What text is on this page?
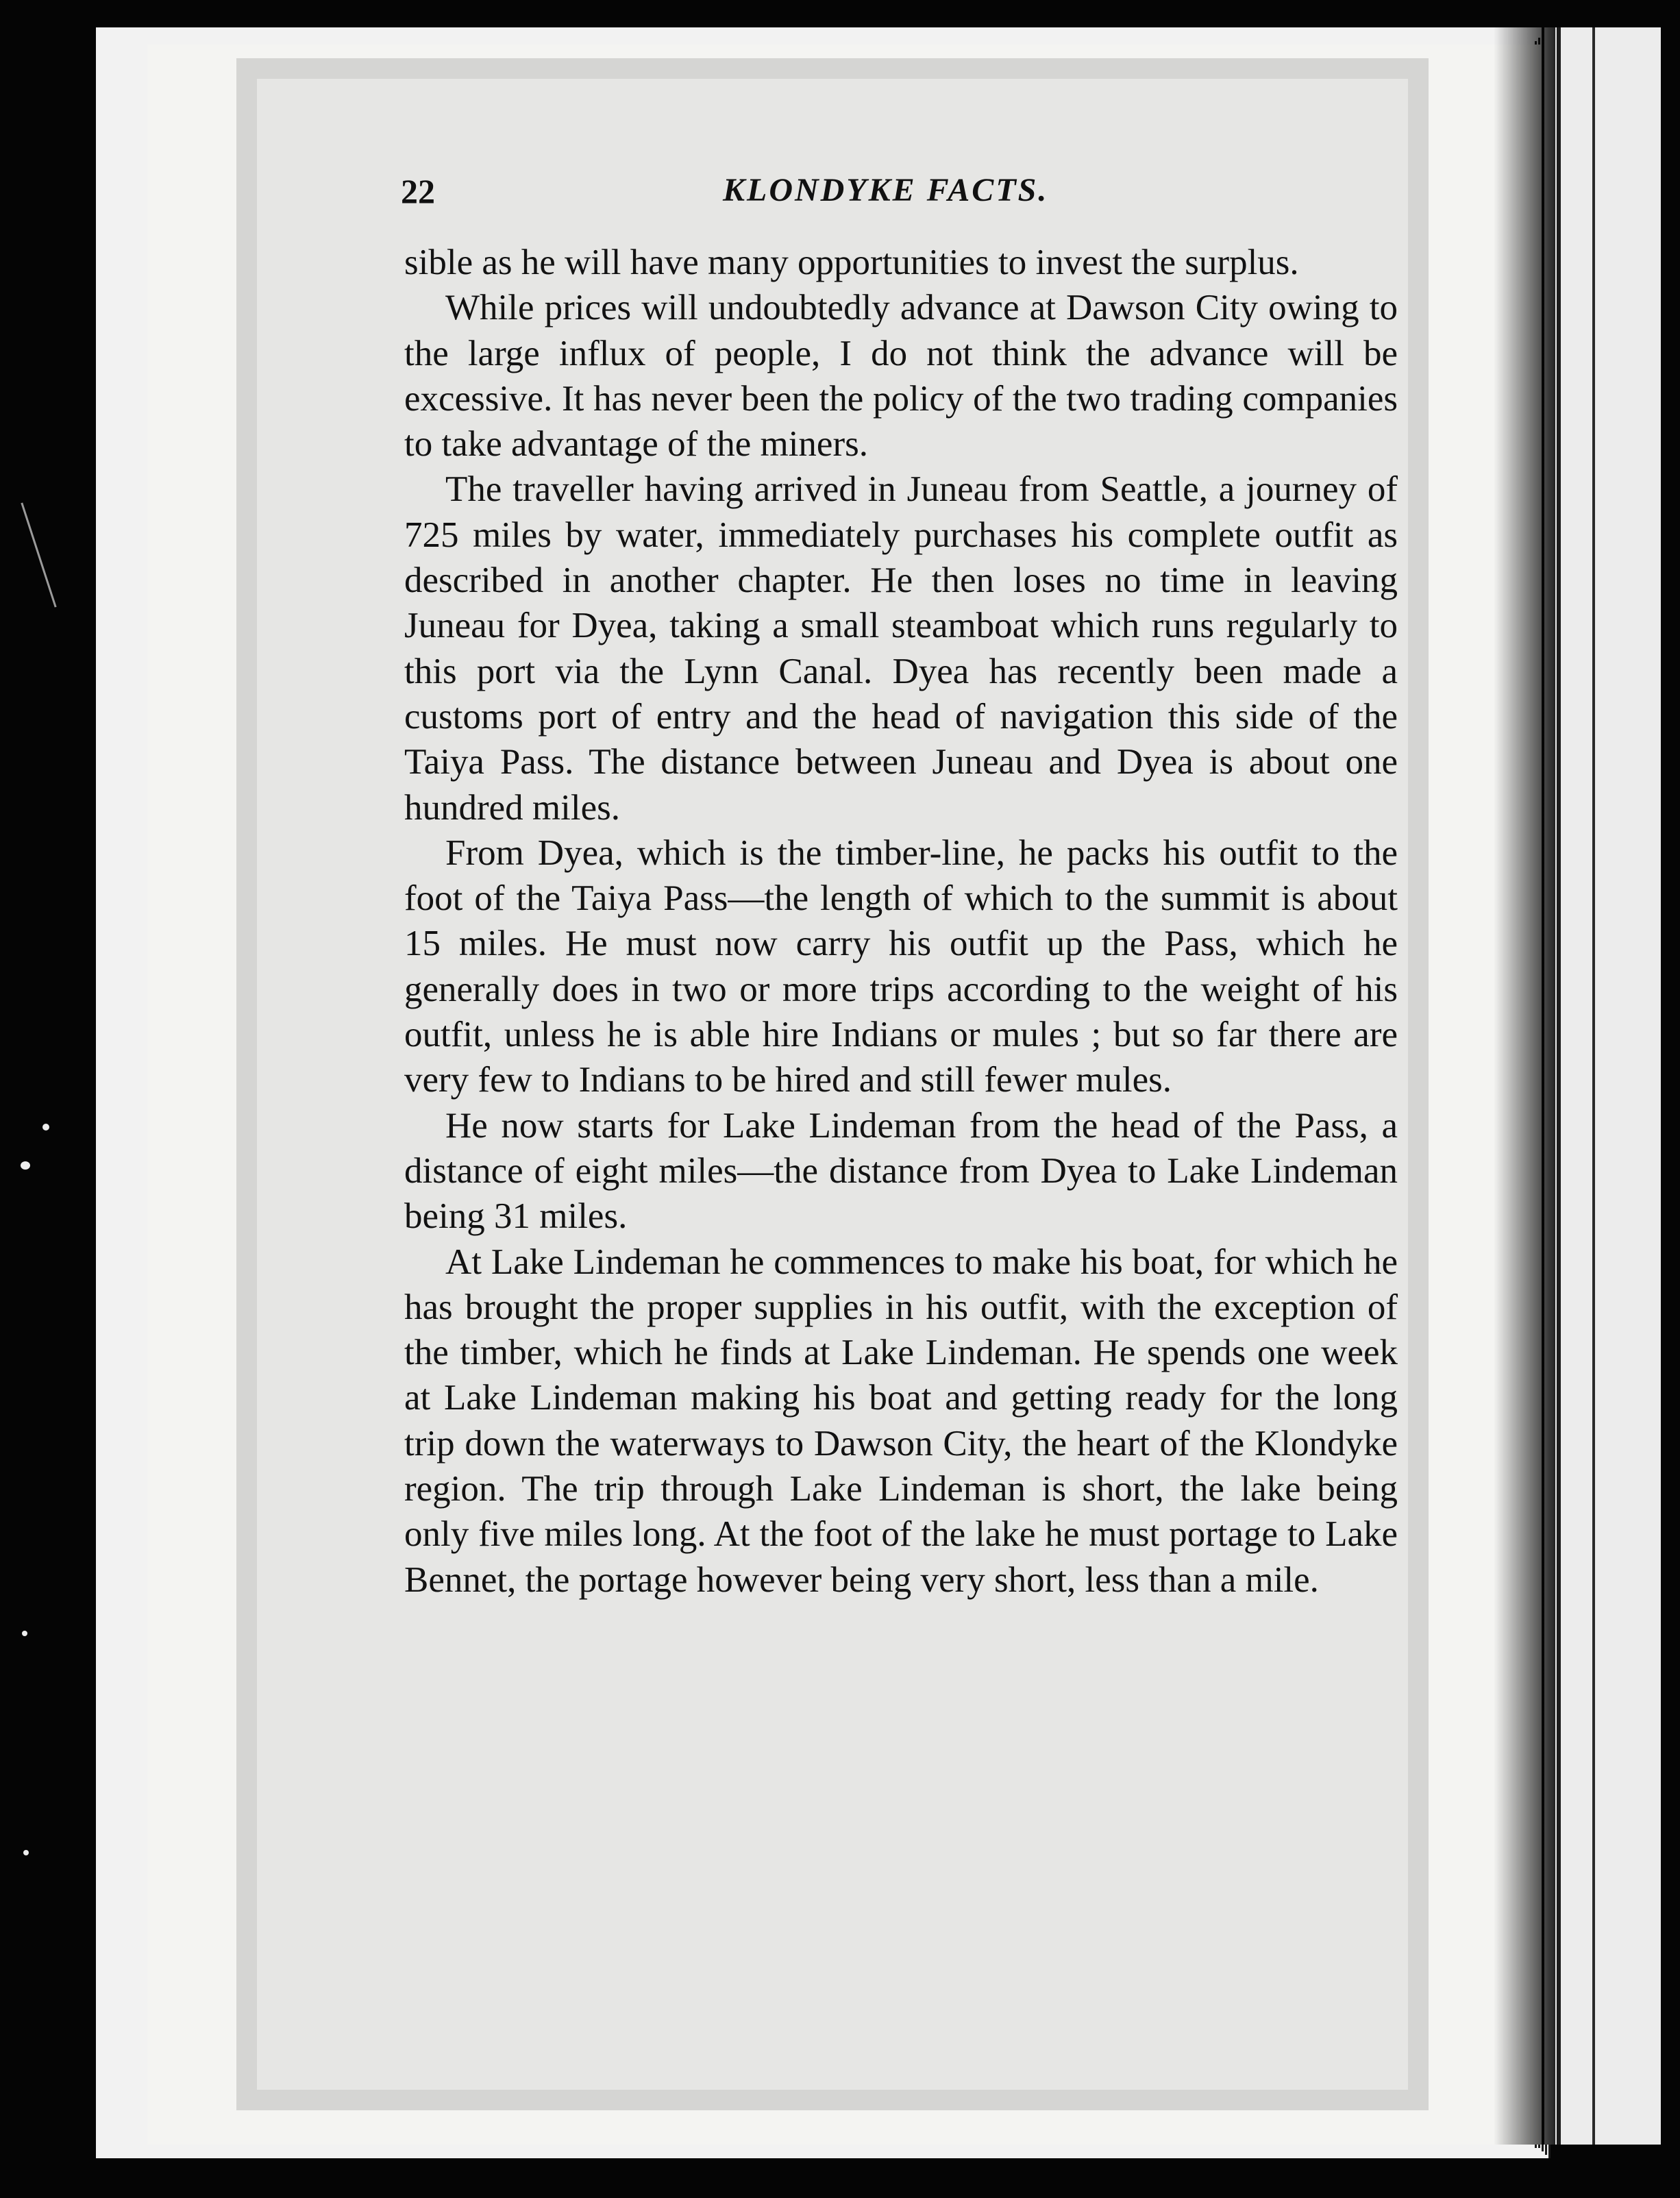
22	KLONDYKE FACTS.

sible as he will have many opportunities to invest the surplus.

While prices will undoubtedly advance at Dawson City owing to the large influx of people, I do not think the advance will be excessive. It has never been the policy of the two trading companies to take advantage of the miners.

The traveller having arrived in Juneau from Seattle, a journey of 725 miles by water, immediately purchases his complete outfit as described in another chapter. He then loses no time in leaving Juneau for Dyea, taking a small steamboat which runs regularly to this port via the Lynn Canal. Dyea has recently been made a customs port of entry and the head of navigation this side of the Taiya Pass. The distance between Juneau and Dyea is about one hundred miles.

From Dyea, which is the timber-line, he packs his outfit to the foot of the Taiya Pass—the length of which to the summit is about 15 miles. He must now carry his outfit up the Pass, which he generally does in two or more trips according to the weight of his outfit, unless he is able hire Indians or mules ; but so far there are very few to Indians to be hired and still fewer mules.

He now starts for Lake Lindeman from the head of the Pass, a distance of eight miles—the distance from Dyea to Lake Lindeman being 31 miles.

At Lake Lindeman he commences to make his boat, for which he has brought the proper supplies in his outfit, with the exception of the timber, which he finds at Lake Lindeman. He spends one week at Lake Lindeman making his boat and getting ready for the long trip down the waterways to Dawson City, the heart of the Klondyke region. The trip through Lake Lindeman is short, the lake being only five miles long. At the foot of the lake he must portage to Lake Bennet, the portage however being very short, less than a mile.
